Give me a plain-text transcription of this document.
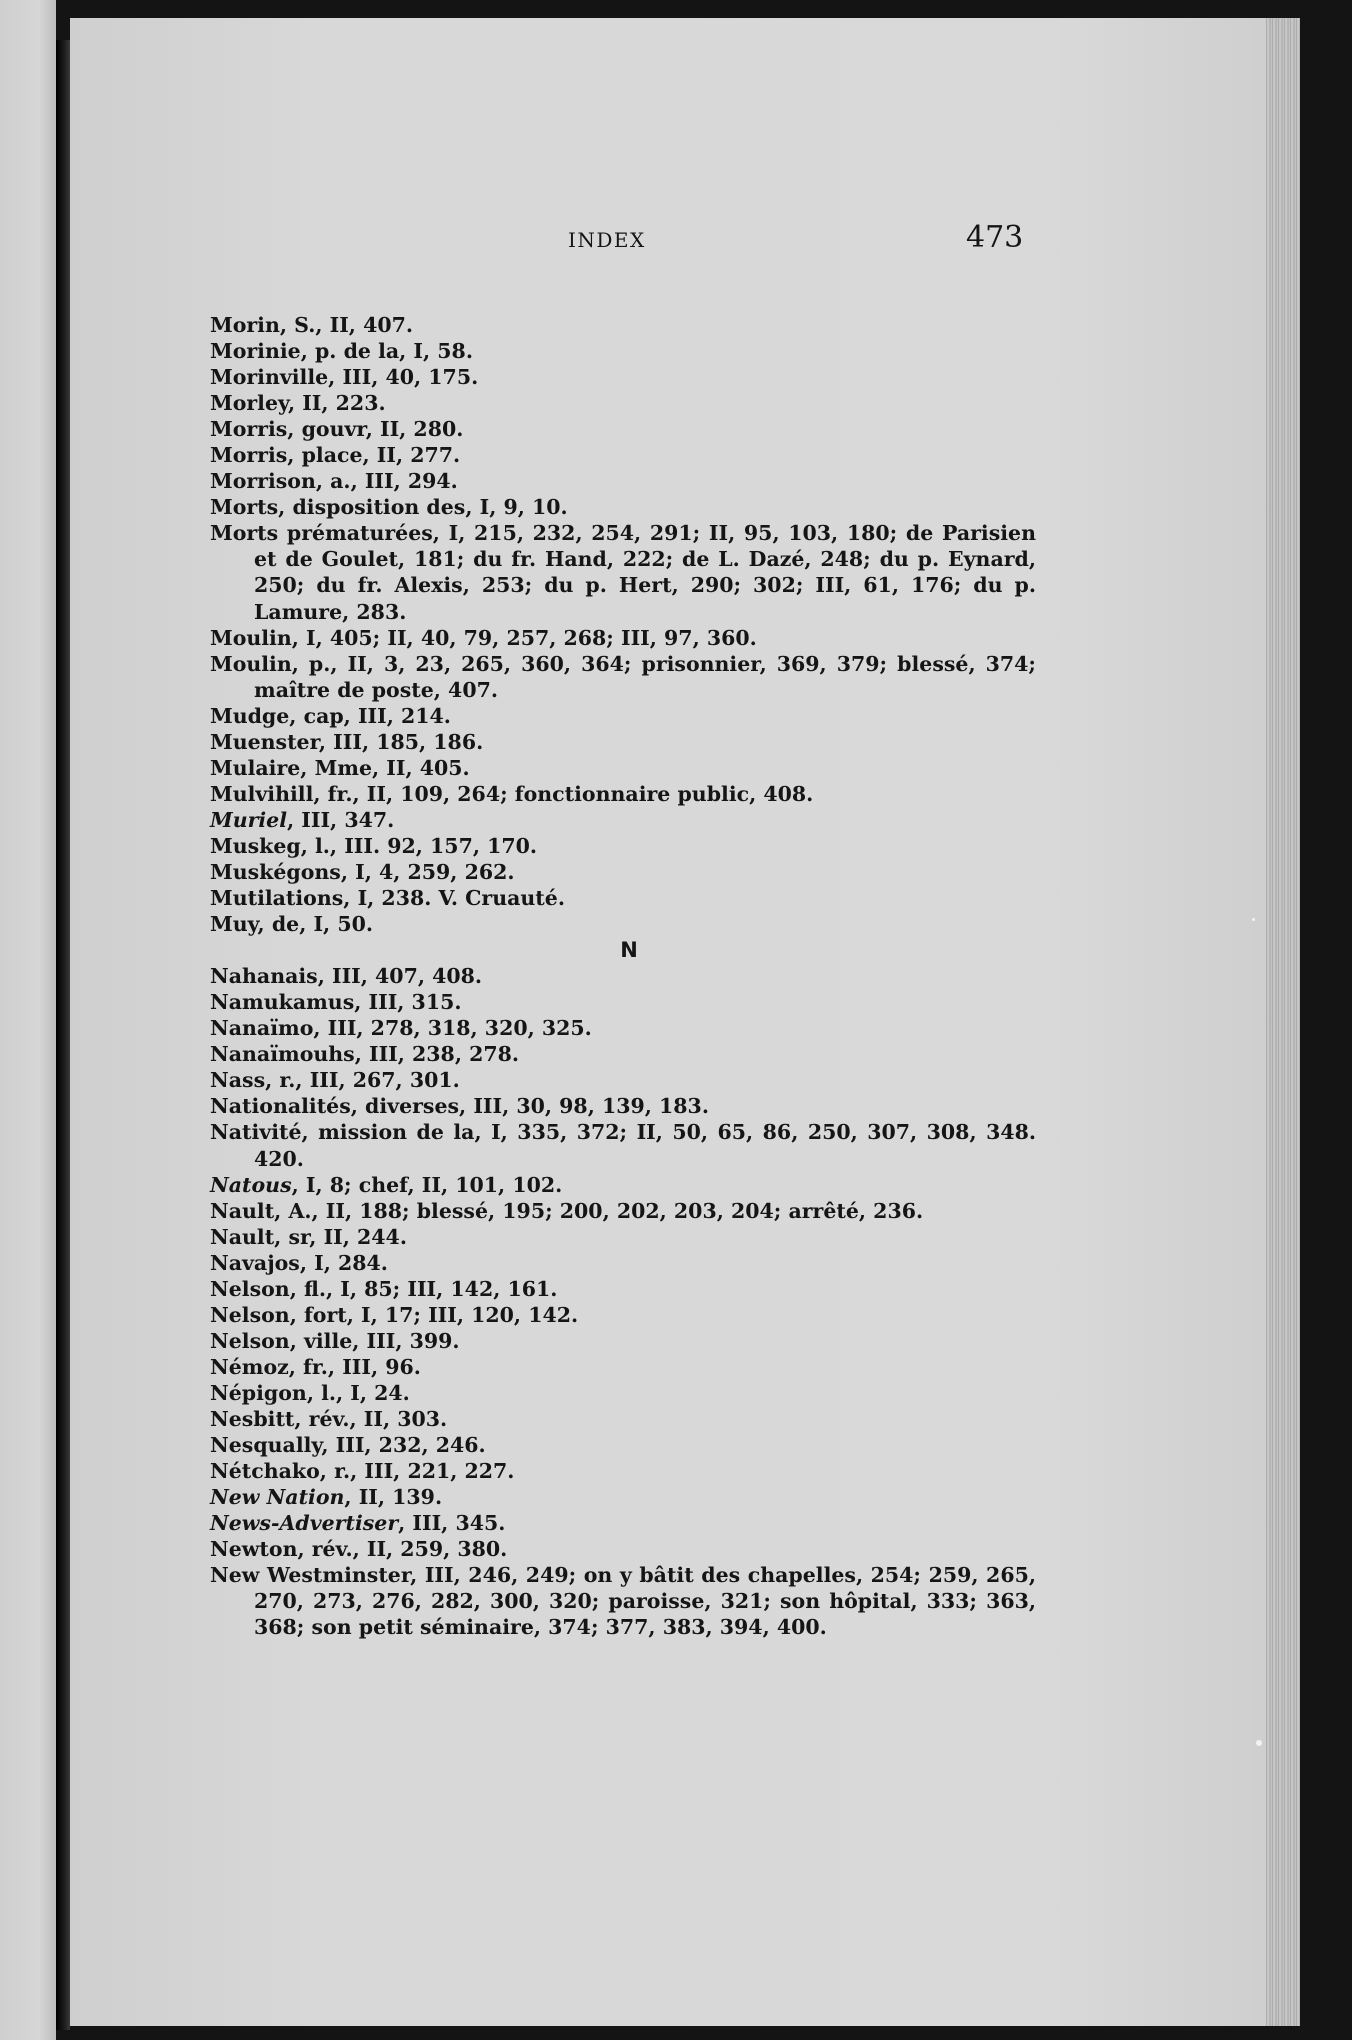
INDEX	473
Morin, S., II, 407.
Morinie, p. de la, I, 58.
Morinville, III, 40, 175.
Morley, II, 223.
Morris, gouvr, II, 280.
Morris, place, II, 277.
Morrison, a., III, 294.
Morts, disposition des, I, 9, 10.
Morts prématurées, I, 215, 232, 254, 291; II, 95, 103, 180; de Parisien et de Goulet, 181; du fr. Hand, 222; de L. Dazé, 248; du p. Eynard, 250; du fr. Alexis, 253; du p. Hert, 290; 302; III, 61, 176; du p. Lamure, 283.
Moulin, I, 405; II, 40, 79, 257, 268; III, 97, 360.
Moulin, p., II, 3, 23, 265, 360, 364; prisonnier, 369, 379; blessé, 374; maître de poste, 407.
Mudge, cap, III, 214.
Muenster, III, 185, 186.
Mulaire, Mme, II, 405.
Mulvihill, fr., II, 109, 264; fonctionnaire public, 408.
Muriel, III, 347.
Muskeg, l., III. 92, 157, 170.
Muskégons, I, 4, 259, 262.
Mutilations, I, 238. V. Cruauté.
Muy, de, I, 50.
N
Nahanais, III, 407, 408.
Namukamus, III, 315.
Nanaïmo, III, 278, 318, 320, 325.
Nanaïmouhs, III, 238, 278.
Nass, r., III, 267, 301.
Nationalités, diverses, III, 30, 98, 139, 183.
Nativité, mission de la, I, 335, 372; II, 50, 65, 86, 250, 307, 308, 348. 420.
Natous, I, 8; chef, II, 101, 102.
Nault, A., II, 188; blessé, 195; 200, 202, 203, 204; arrêté, 236.
Nault, sr, II, 244.
Navajos, I, 284.
Nelson, fl., I, 85; III, 142, 161.
Nelson, fort, I, 17; III, 120, 142.
Nelson, ville, III, 399.
Némoz, fr., III, 96.
Népigon, l., I, 24.
Nesbitt, rév., II, 303.
Nesqually, III, 232, 246.
Nétchako, r., III, 221, 227.
New Nation, II, 139.
News-Advertiser, III, 345.
Newton, rév., II, 259, 380.
New Westminster, III, 246, 249; on y bâtit des chapelles, 254; 259, 265, 270, 273, 276, 282, 300, 320; paroisse, 321; son hôpital, 333; 363, 368; son petit séminaire, 374; 377, 383, 394, 400.
